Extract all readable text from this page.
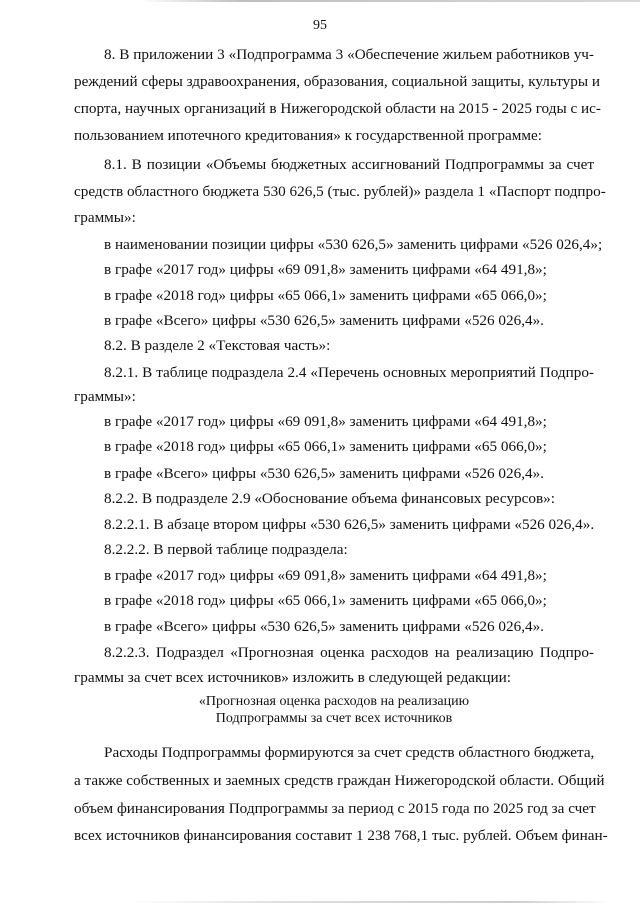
95
8. В приложении 3 «Подпрограмма 3 «Обеспечение жильем работников уч-
реждений сферы здравоохранения, образования, социальной защиты, культуры и
спорта, научных организаций в Нижегородской области на 2015 - 2025 годы с ис-
пользованием ипотечного кредитования» к государственной программе:
8.1. В позиции «Объемы бюджетных ассигнований Подпрограммы за счет
средств областного бюджета 530 626,5 (тыс. рублей)» раздела 1 «Паспорт подпро-
граммы»:
в наименовании позиции цифры «530 626,5» заменить цифрами «526 026,4»;
в графе «2017 год» цифры «69 091,8» заменить цифрами «64 491,8»;
в графе «2018 год» цифры «65 066,1» заменить цифрами «65 066,0»;
в графе «Всего» цифры «530 626,5» заменить цифрами «526 026,4».
8.2. В разделе 2 «Текстовая часть»:
8.2.1. В таблице подраздела 2.4 «Перечень основных мероприятий Подпро-
граммы»:
в графе «2017 год» цифры «69 091,8» заменить цифрами «64 491,8»;
в графе «2018 год» цифры «65 066,1» заменить цифрами «65 066,0»;
в графе «Всего» цифры «530 626,5» заменить цифрами «526 026,4».
8.2.2. В подразделе 2.9 «Обоснование объема финансовых ресурсов»:
8.2.2.1. В абзаце втором цифры «530 626,5» заменить цифрами «526 026,4».
8.2.2.2. В первой таблице подраздела:
в графе «2017 год» цифры «69 091,8» заменить цифрами «64 491,8»;
в графе «2018 год» цифры «65 066,1» заменить цифрами «65 066,0»;
в графе «Всего» цифры «530 626,5» заменить цифрами «526 026,4».
8.2.2.3. Подраздел «Прогнозная оценка расходов на реализацию Подпро-
граммы за счет всех источников» изложить в следующей редакции:
«Прогнозная оценка расходов на реализацию
Подпрограммы за счет всех источников
Расходы Подпрограммы формируются за счет средств областного бюджета,
а также собственных и заемных средств граждан Нижегородской области. Общий
объем финансирования Подпрограммы за период с 2015 года по 2025 год за счет
всех источников финансирования составит 1 238 768,1 тыс. рублей. Объем финан-
